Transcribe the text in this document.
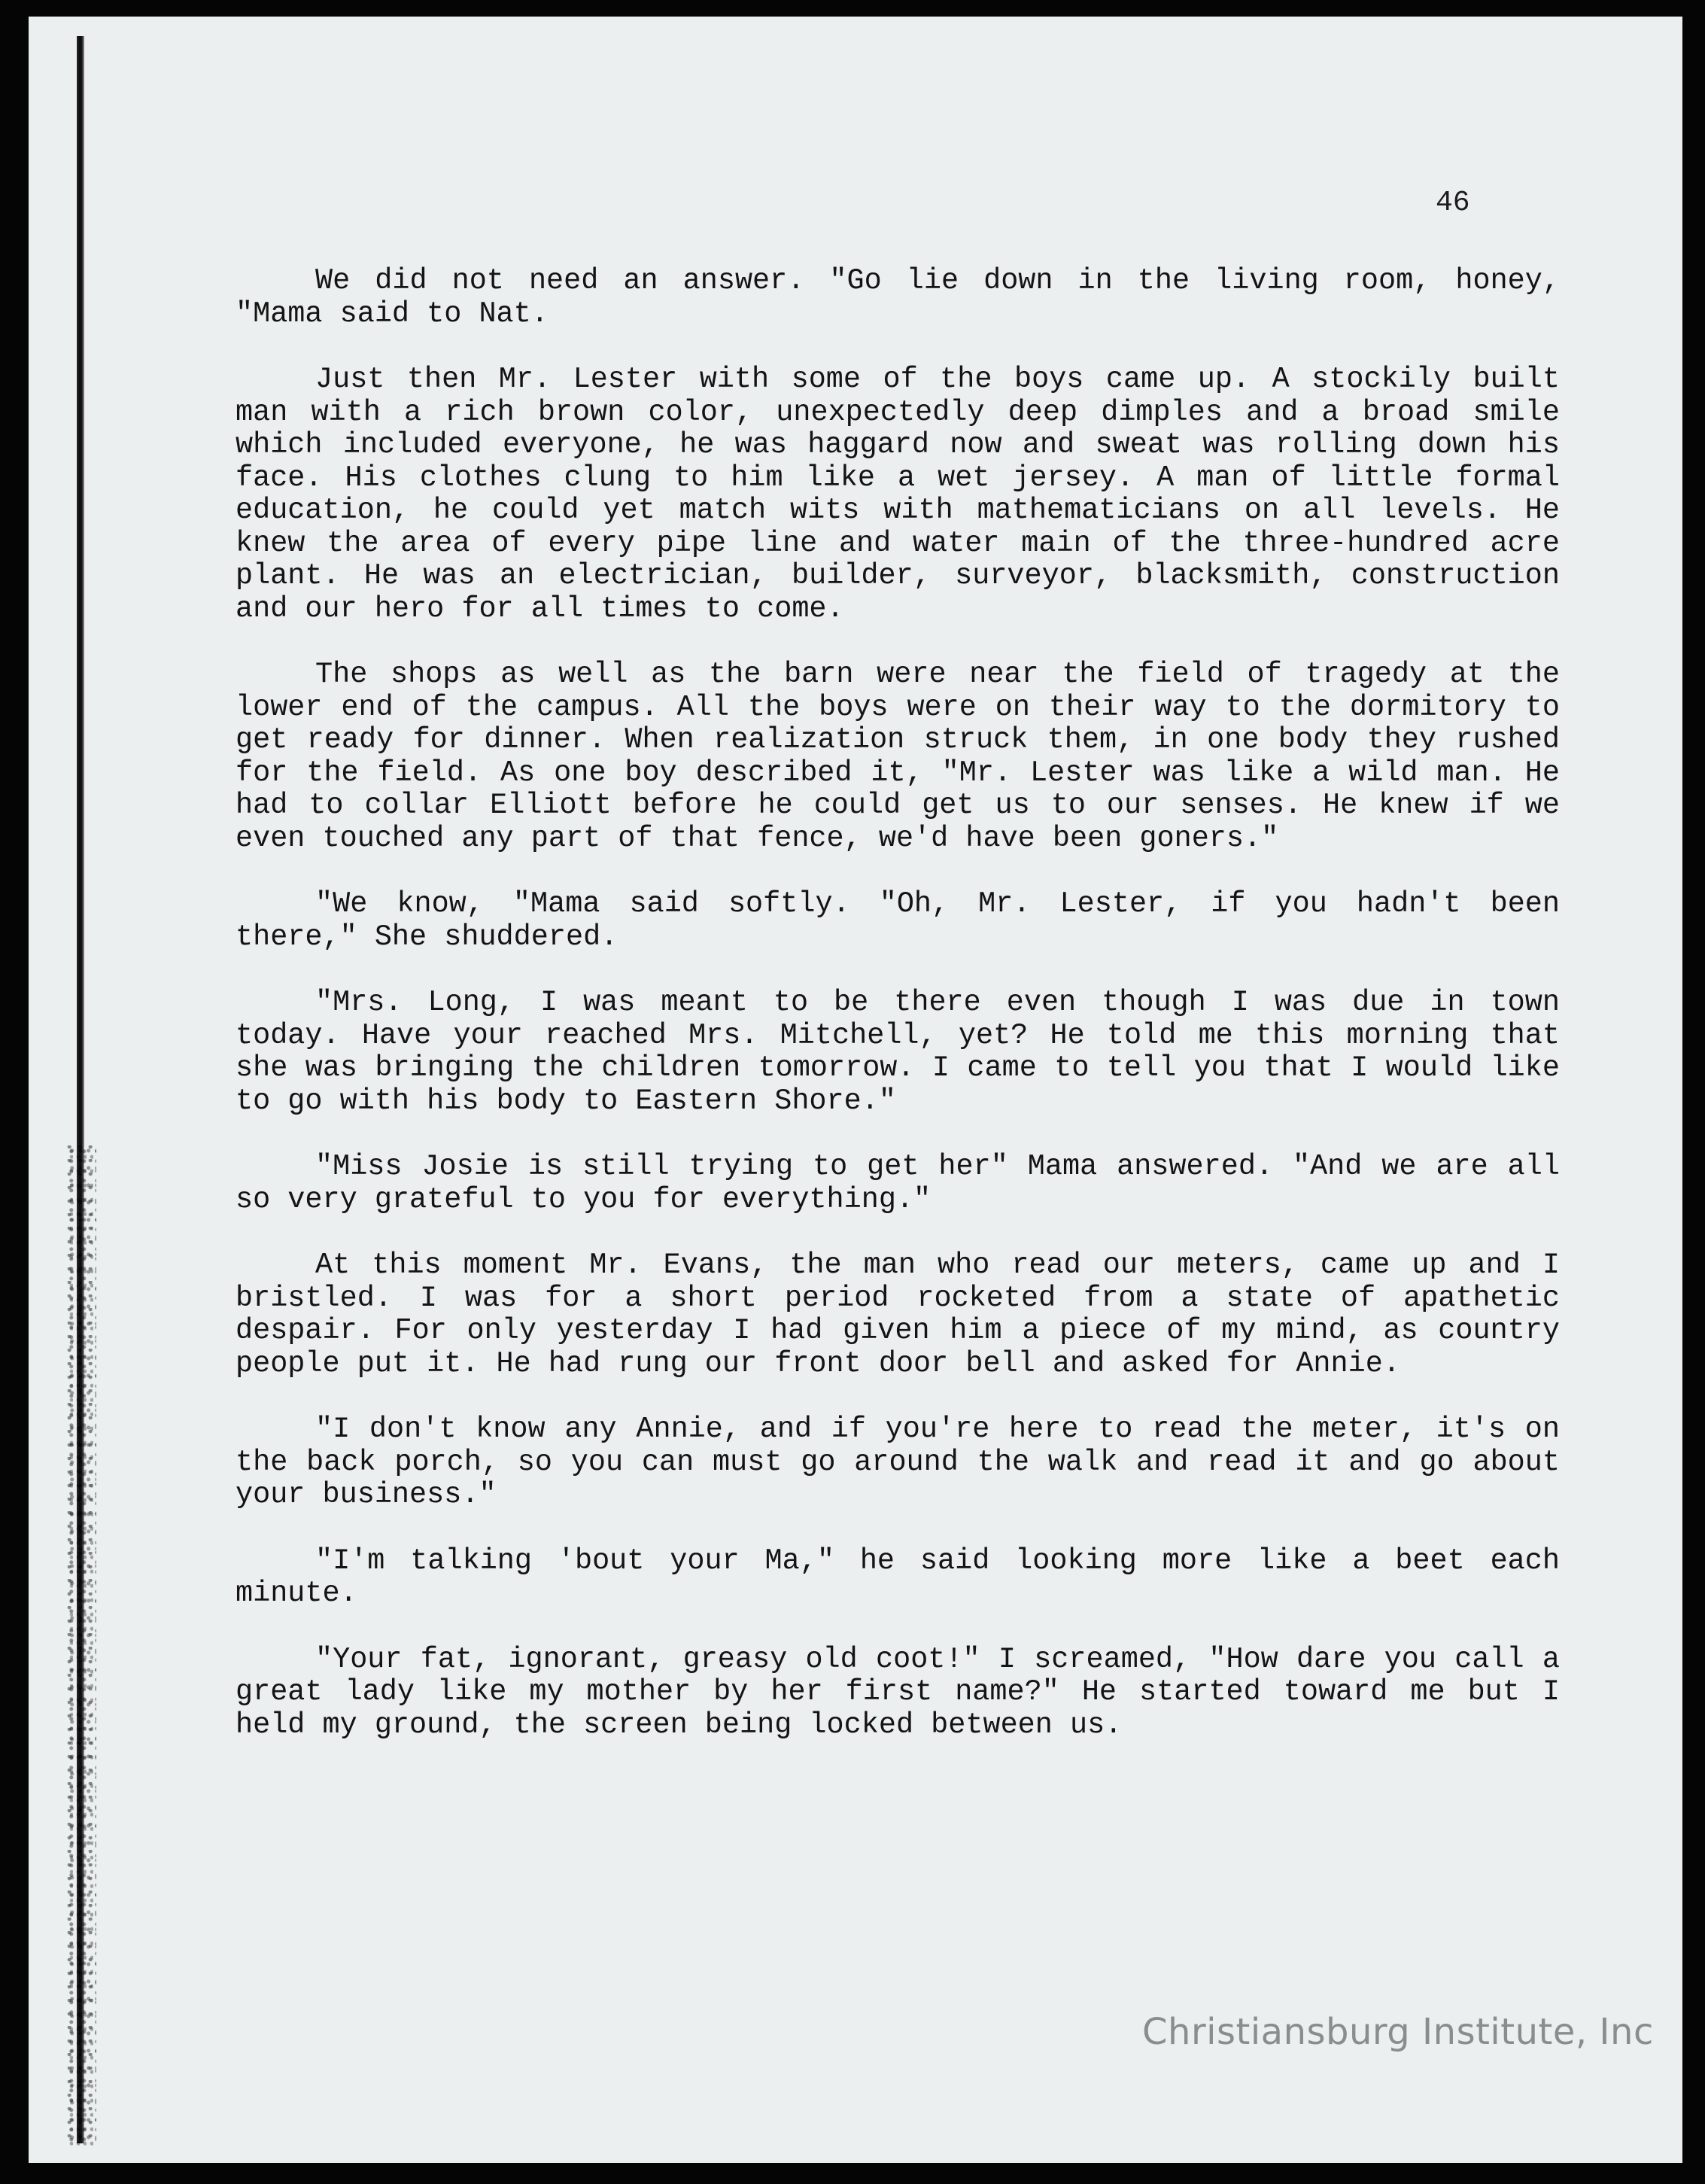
46

We did not need an answer. "Go lie down in the living room, honey, "Mama said to Nat.

Just then Mr. Lester with some of the boys came up. A stockily built man with a rich brown color, unexpectedly deep dimples and a broad smile which included everyone, he was haggard now and sweat was rolling down his face. His clothes clung to him like a wet jersey. A man of little formal education, he could yet match wits with mathematicians on all levels. He knew the area of every pipe line and water main of the three-hundred acre plant. He was an electrician, builder, surveyor, blacksmith, construction and our hero for all times to come.

The shops as well as the barn were near the field of tragedy at the lower end of the campus. All the boys were on their way to the dormitory to get ready for dinner. When realization struck them, in one body they rushed for the field. As one boy described it, "Mr. Lester was like a wild man. He had to collar Elliott before he could get us to our senses. He knew if we even touched any part of that fence, we'd have been goners."

"We know, "Mama said softly. "Oh, Mr. Lester, if you hadn't been there," She shuddered.

"Mrs. Long, I was meant to be there even though I was due in town today. Have your reached Mrs. Mitchell, yet? He told me this morning that she was bringing the children tomorrow. I came to tell you that I would like to go with his body to Eastern Shore."

"Miss Josie is still trying to get her" Mama answered. "And we are all so very grateful to you for everything."

At this moment Mr. Evans, the man who read our meters, came up and I bristled. I was for a short period rocketed from a state of apathetic despair. For only yesterday I had given him a piece of my mind, as country people put it. He had rung our front door bell and asked for Annie.

"I don't know any Annie, and if you're here to read the meter, it's on the back porch, so you can must go around the walk and read it and go about your business."

"I'm talking 'bout your Ma," he said looking more like a beet each minute.

"Your fat, ignorant, greasy old coot!" I screamed, "How dare you call a great lady like my mother by her first name?" He started toward me but I held my ground, the screen being locked between us.

Christiansburg Institute, Inc
